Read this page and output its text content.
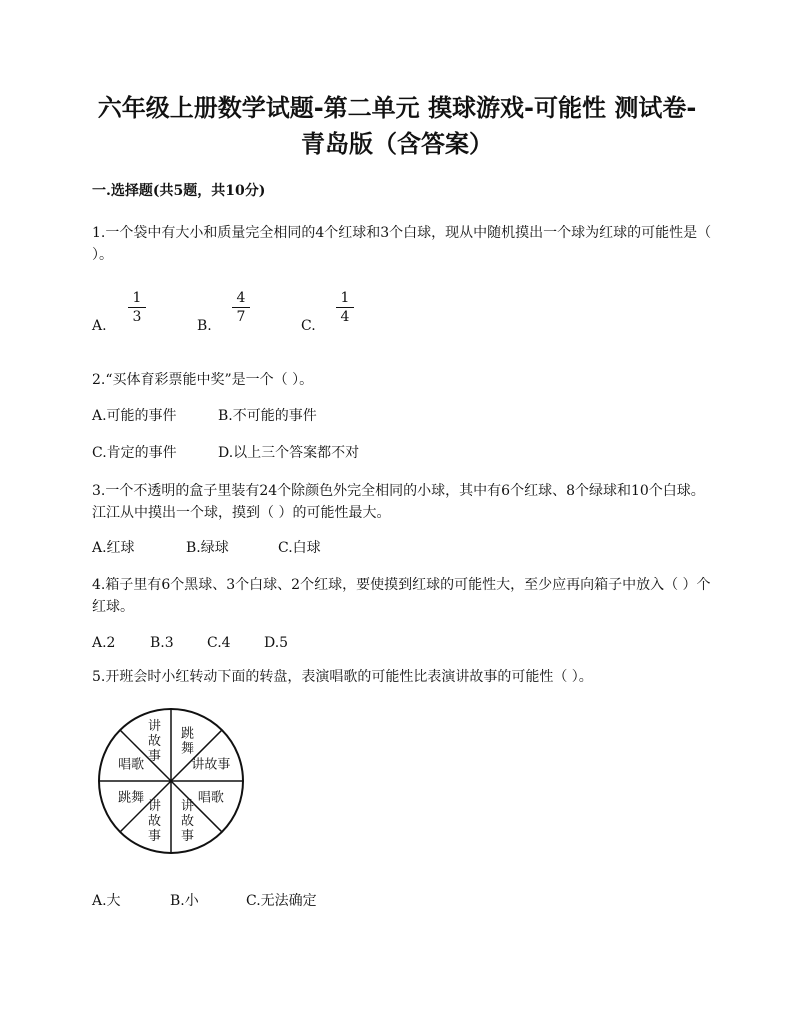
六年级上册数学试题-第二单元 摸球游戏-可能性 测试卷-
青岛版（含答案）
一.选择题(共5题，共10分)
1.一个袋中有大小和质量完全相同的4个红球和3个白球，现从中随机摸出一个球为红球的可能性是（ ）。
A.
$\frac{1}{3}$
B.
$\frac{4}{7}$
C.
$\frac{1}{4}$
2.“买体育彩票能中奖”是一个（ ）。
A.可能的事件	B.不可能的事件
C.肯定的事件	D.以上三个答案都不对
3.一个不透明的盒子里装有24个除颜色外完全相同的小球，其中有6个红球、8个绿球和10个白球。江江从中摸出一个球，摸到（ ）的可能性最大。
A.红球	B.绿球	C.白球
4.箱子里有6个黑球、3个白球、2个红球，要使摸到红球的可能性大，至少应再向箱子中放入（ ）个红球。
A.2 B.3 C.4 D.5
5.开班会时小红转动下面的转盘，表演唱歌的可能性比表演讲故事的可能性（ ）。
讲故事
跳舞
讲故事
唱歌
讲故事
讲故事
跳舞
唱歌
A.大	B.小	C.无法确定
